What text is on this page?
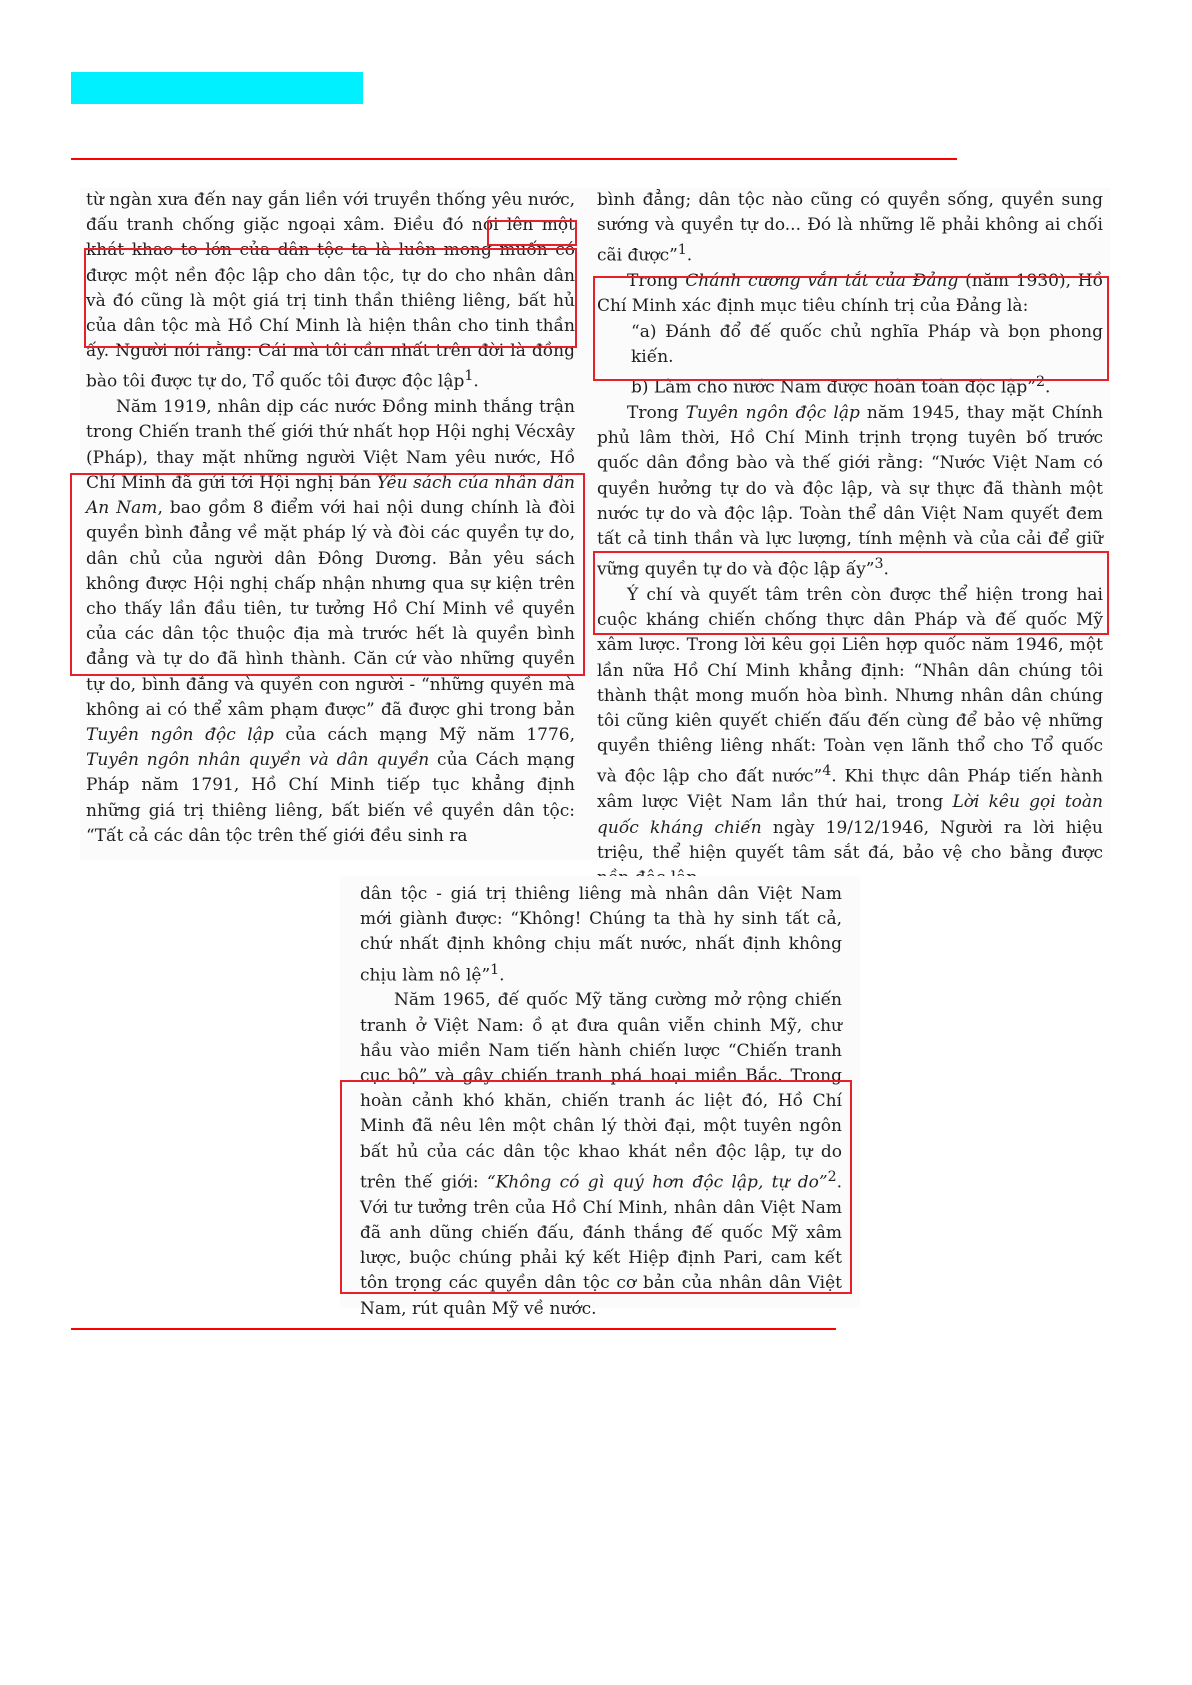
từ ngàn xưa đến nay gắn liền với truyền thống yêu nước, đấu tranh chống giặc ngoại xâm. Điều đó nói lên một khát khao to lớn của dân tộc ta là luôn mong muốn có được một nền độc lập cho dân tộc, tự do cho nhân dân và đó cũng là một giá trị tinh thần thiêng liêng, bất hủ của dân tộc mà Hồ Chí Minh là hiện thân cho tinh thần ấy. Người nói rằng: Cái mà tôi cần nhất trên đời là đồng bào tôi được tự do, Tổ quốc tôi được độc lập$^1$.

Năm 1919, nhân dịp các nước Đồng minh thắng trận trong Chiến tranh thế giới thứ nhất họp Hội nghị Vécxây (Pháp), thay mặt những người Việt Nam yêu nước, Hồ Chí Minh đã gửi tới Hội nghị bản Yêu sách của nhân dân An Nam, bao gồm 8 điểm với hai nội dung chính là đòi quyền bình đẳng về mặt pháp lý và đòi các quyền tự do, dân chủ của người dân Đông Dương. Bản yêu sách không được Hội nghị chấp nhận nhưng qua sự kiện trên cho thấy lần đầu tiên, tư tưởng Hồ Chí Minh về quyền của các dân tộc thuộc địa mà trước hết là quyền bình đẳng và tự do đã hình thành. Căn cứ vào những quyền tự do, bình đẳng và quyền con người - “những quyền mà không ai có thể xâm phạm được” đã được ghi trong bản Tuyên ngôn độc lập của cách mạng Mỹ năm 1776, Tuyên ngôn nhân quyền và dân quyền của Cách mạng Pháp năm 1791, Hồ Chí Minh tiếp tục khẳng định những giá trị thiêng liêng, bất biến về quyền dân tộc: “Tất cả các dân tộc trên thế giới đều sinh ra

bình đẳng; dân tộc nào cũng có quyền sống, quyền sung sướng và quyền tự do... Đó là những lẽ phải không ai chối cãi được”$^1$.

Trong Chánh cương vắn tắt của Đảng (năm 1930), Hồ Chí Minh xác định mục tiêu chính trị của Đảng là:

“a) Đánh đổ đế quốc chủ nghĩa Pháp và bọn phong kiến.

b) Làm cho nước Nam được hoàn toàn độc lập”$^2$.

Trong Tuyên ngôn độc lập năm 1945, thay mặt Chính phủ lâm thời, Hồ Chí Minh trịnh trọng tuyên bố trước quốc dân đồng bào và thế giới rằng: “Nước Việt Nam có quyền hưởng tự do và độc lập, và sự thực đã thành một nước tự do và độc lập. Toàn thể dân Việt Nam quyết đem tất cả tinh thần và lực lượng, tính mệnh và của cải để giữ vững quyền tự do và độc lập ấy”$^3$.

Ý chí và quyết tâm trên còn được thể hiện trong hai cuộc kháng chiến chống thực dân Pháp và đế quốc Mỹ xâm lược. Trong lời kêu gọi Liên hợp quốc năm 1946, một lần nữa Hồ Chí Minh khẳng định: “Nhân dân chúng tôi thành thật mong muốn hòa bình. Nhưng nhân dân chúng tôi cũng kiên quyết chiến đấu đến cùng để bảo vệ những quyền thiêng liêng nhất: Toàn vẹn lãnh thổ cho Tổ quốc và độc lập cho đất nước”$^4$. Khi thực dân Pháp tiến hành xâm lược Việt Nam lần thứ hai, trong Lời kêu gọi toàn quốc kháng chiến ngày 19/12/1946, Người ra lời hiệu triệu, thể hiện quyết tâm sắt đá, bảo vệ cho bằng được

dân tộc - giá trị thiêng liêng mà nhân dân Việt Nam mới giành được: “Không! Chúng ta thà hy sinh tất cả, chứ nhất định không chịu mất nước, nhất định không chịu làm nô lệ”$^1$.

Năm 1965, đế quốc Mỹ tăng cường mở rộng chiến tranh ở Việt Nam: ồ ạt đưa quân viễn chinh Mỹ, chư hầu vào miền Nam tiến hành chiến lược “Chiến tranh cục bộ” và gây chiến tranh phá hoại miền Bắc. Trong hoàn cảnh khó khăn, chiến tranh ác liệt đó, Hồ Chí Minh đã nêu lên một chân lý thời đại, một tuyên ngôn bất hủ của các dân tộc khao khát nền độc lập, tự do trên thế giới: “Không có gì quý hơn độc lập, tự do”$^2$. Với tư tưởng trên của Hồ Chí Minh, nhân dân Việt Nam đã anh dũng chiến đấu, đánh thắng đế quốc Mỹ xâm lược, buộc chúng phải ký kết Hiệp định Pari, cam kết tôn trọng các quyền dân tộc cơ bản của nhân dân Việt Nam, rút quân Mỹ về nước.
